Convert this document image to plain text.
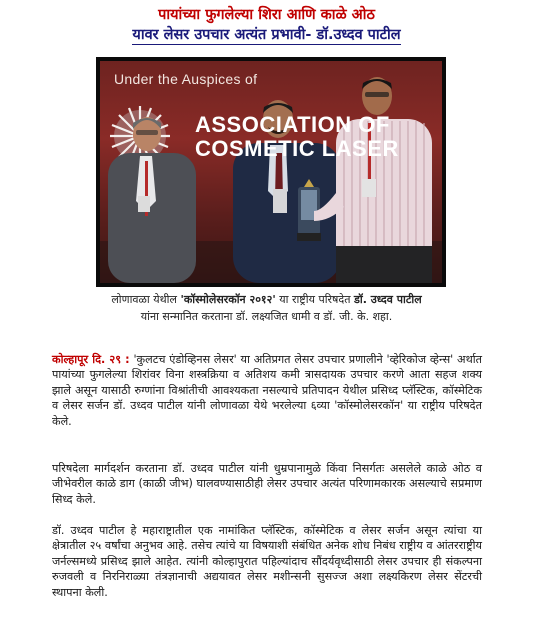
पायांच्या फुगलेल्या शिरा आणि काळे ओठ
यावर लेसर उपचार अत्यंत प्रभावी- डॉ.उध्दव पाटील
Under the Auspices of
ASSOCIATION OF
COSMETIC LASER
लोणावळा येथील 'कॉस्मोलेसरकॉन २०१२' या राष्ट्रीय परिषदेत डॉ. उध्दव पाटील
यांना सन्मानित करताना डॉ. लक्ष्यजित धामी व डॉ. जी. के. शहा.
कोल्हापूर दि. २९ : 'कुलटच एंडोव्हिनस लेसर' या अतिप्रगत लेसर उपचार प्रणालीने 'व्हेरिकोज व्हेन्स' अर्थात पायांच्या फुगलेल्या शिरांवर विना शस्त्रक्रिया व अतिशय कमी त्रासदायक उपचार करणे आता सहज शक्य झाले असून यासाठी रुग्णांना विश्रांतीची आवश्यकता नसल्याचे प्रतिपादन येथील प्रसिध्द प्लॅस्टिक, कॉस्मेटिक व लेसर सर्जन डॉ. उध्दव पाटील यांनी लोणावळा येथे भरलेल्या ६व्या 'कॉस्मोलेसरकॉन' या राष्ट्रीय परिषदेत केले.
परिषदेला मार्गदर्शन करताना डॉ. उध्दव पाटील यांनी धुम्रपानामुळे किंवा निसर्गतः असलेले काळे ओठ व जीभेवरील काळे डाग (काळी जीभ) घालवण्यासाठीही लेसर उपचार अत्यंत परिणामकारक असल्याचे सप्रमाण सिध्द केले.
डॉ. उध्दव पाटील हे महाराष्ट्रातील एक नामांकित प्लॅस्टिक, कॉस्मेटिक व लेसर सर्जन असून त्यांचा या क्षेत्रातील २५ वर्षांचा अनुभव आहे. तसेच त्यांचे या विषयाशी संबंधित अनेक शोध निबंध राष्ट्रीय व आंतरराष्ट्रीय जर्नल्समध्ये प्रसिध्द झाले आहेत. त्यांनी कोल्हापुरात पहिल्यांदाच सौंदर्यवृध्दीसाठी लेसर उपचार ही संकल्पना रुजवली व निरनिराळ्या तंत्रज्ञानाची अद्ययावत लेसर मशीन्सनी सुसज्ज अशा लक्ष्यकिरण लेसर सेंटरची स्थापना केली.
